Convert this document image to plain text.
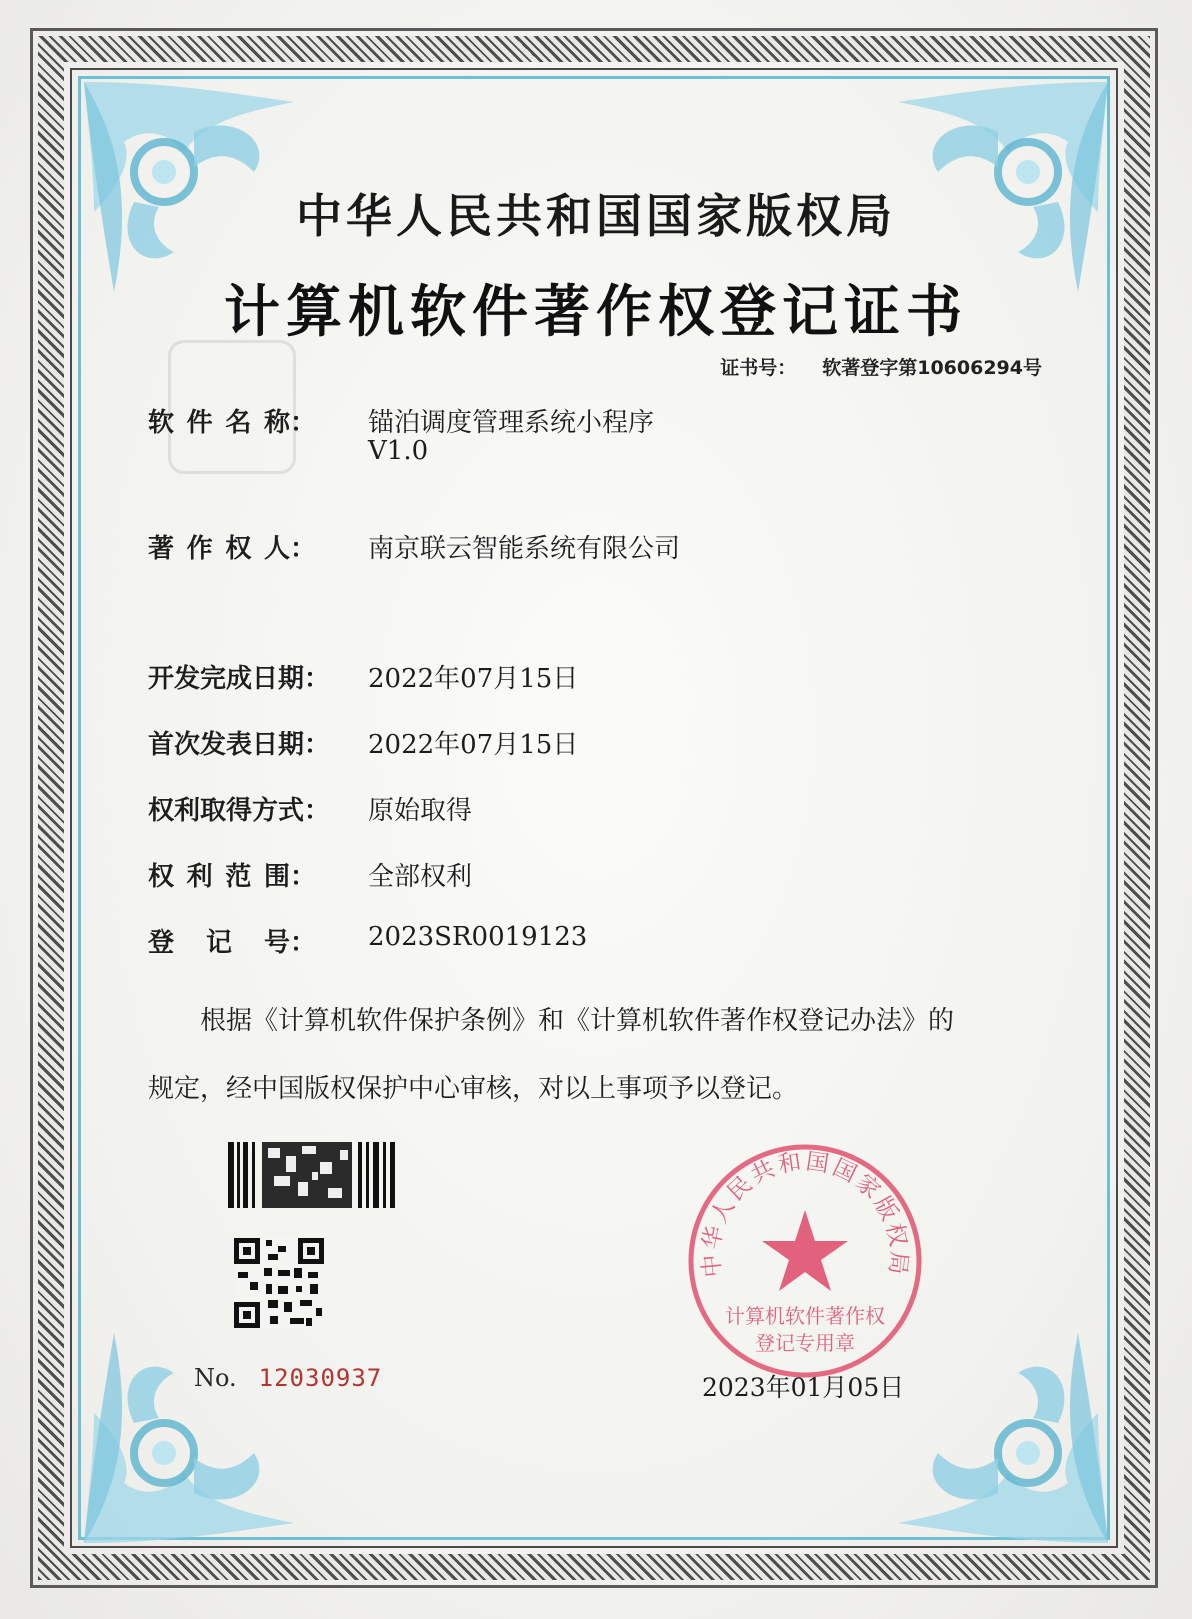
中华人民共和国国家版权局
计算机软件著作权登记证书
证书号： 软著登字第10606294号
软 件 名 称： 锚泊调度管理系统小程序
V1.0
著 作 权 人： 南京联云智能系统有限公司
开发完成日期：	2022年07月15日
首次发表日期：	2022年07月15日
权利取得方式：	原始取得
权 利 范 围： 全部权利
登 记 号： 2023SR0019123
根据《计算机软件保护条例》和《计算机软件著作权登记办法》的
规定，经中国版权保护中心审核，对以上事项予以登记。
No. 12030937
中华人民共和国国家版权局
计算机软件著作权
登记专用章
2023年01月05日
